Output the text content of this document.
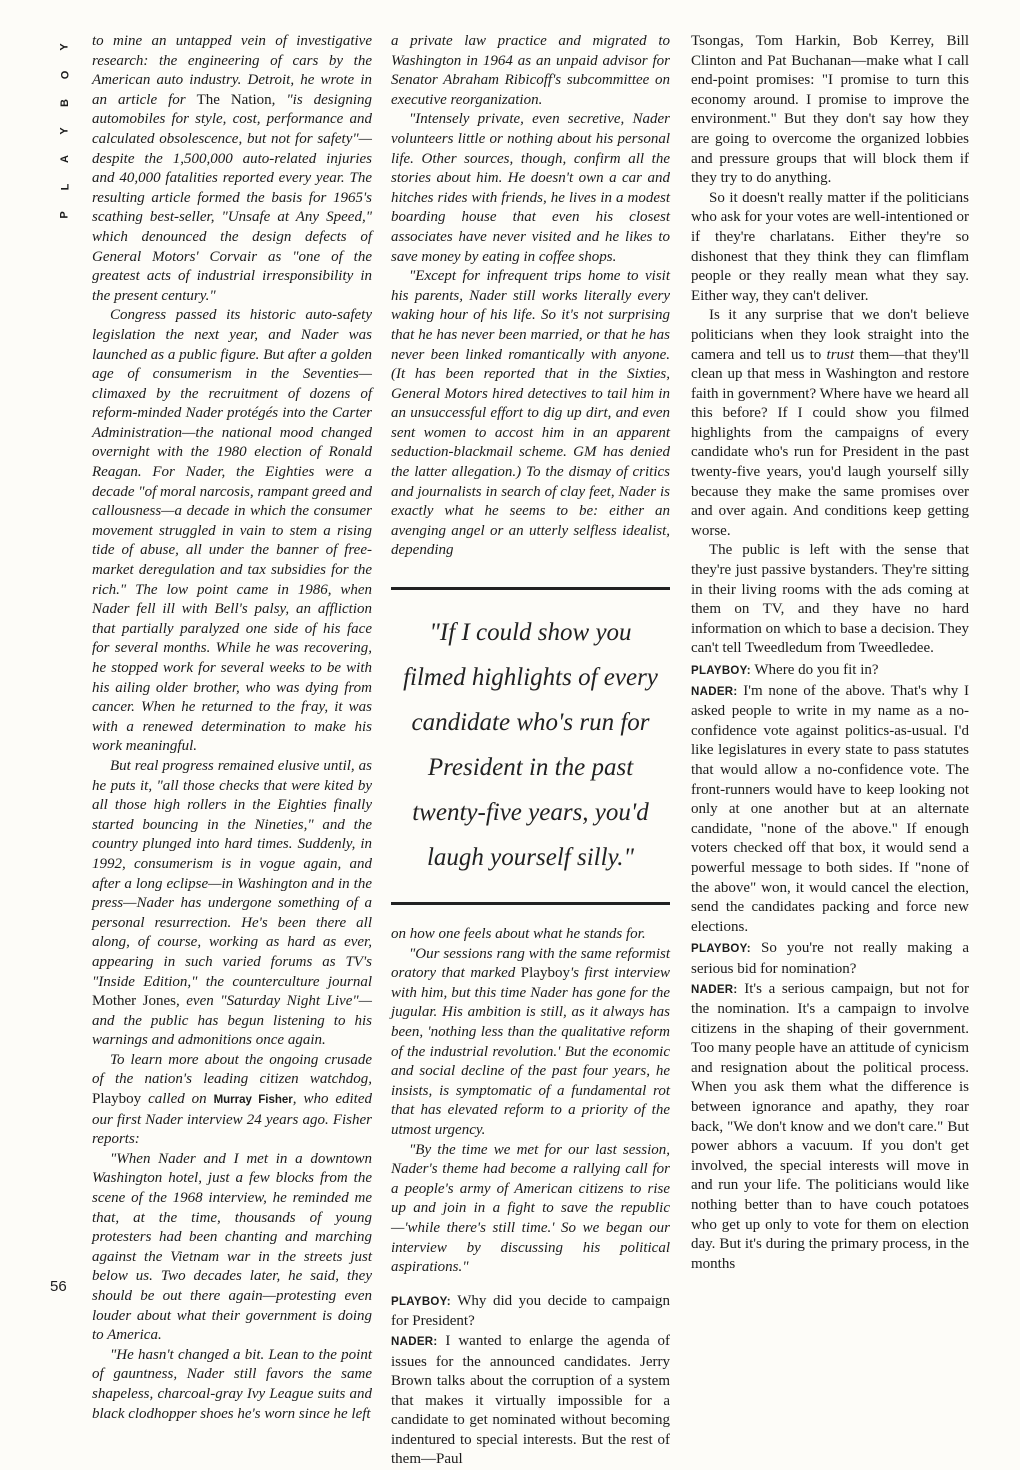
Y
O
B
Y
A
L
P
56

to mine an untapped vein of investigative research: the engineering of cars by the American auto industry. Detroit, he wrote in an article for The Nation, "is designing automobiles for style, cost, performance and calculated obsolescence, but not for safety"—despite the 1,500,000 auto-related injuries and 40,000 fatalities reported every year. The resulting article formed the basis for 1965's scathing best-seller, "Unsafe at Any Speed," which denounced the design defects of General Motors' Corvair as "one of the greatest acts of industrial irresponsibility in the present century."

Congress passed its historic auto-safety legislation the next year, and Nader was launched as a public figure. But after a golden age of consumerism in the Seventies—climaxed by the recruitment of dozens of reform-minded Nader protégés into the Carter Administration—the national mood changed overnight with the 1980 election of Ronald Reagan. For Nader, the Eighties were a decade "of moral narcosis, rampant greed and callousness—a decade in which the consumer movement struggled in vain to stem a rising tide of abuse, all under the banner of free-market deregulation and tax subsidies for the rich." The low point came in 1986, when Nader fell ill with Bell's palsy, an affliction that partially paralyzed one side of his face for several months. While he was recovering, he stopped work for several weeks to be with his ailing older brother, who was dying from cancer. When he returned to the fray, it was with a renewed determination to make his work meaningful.

But real progress remained elusive until, as he puts it, "all those checks that were kited by all those high rollers in the Eighties finally started bouncing in the Nineties," and the country plunged into hard times. Suddenly, in 1992, consumerism is in vogue again, and after a long eclipse—in Washington and in the press—Nader has undergone something of a personal resurrection. He's been there all along, of course, working as hard as ever, appearing in such varied forums as TV's "Inside Edition," the counterculture journal Mother Jones, even "Saturday Night Live"—and the public has begun listening to his warnings and admonitions once again.

To learn more about the ongoing crusade of the nation's leading citizen watchdog, Playboy called on Murray Fisher, who edited our first Nader interview 24 years ago. Fisher reports:

"When Nader and I met in a downtown Washington hotel, just a few blocks from the scene of the 1968 interview, he reminded me that, at the time, thousands of young protesters had been chanting and marching against the Vietnam war in the streets just below us. Two decades later, he said, they should be out there again—protesting even louder about what their government is doing to America.

"He hasn't changed a bit. Lean to the point of gauntness, Nader still favors the same shapeless, charcoal-gray Ivy League suits and black clodhopper shoes he's worn since he left

a private law practice and migrated to Washington in 1964 as an unpaid advisor for Senator Abraham Ribicoff's subcommittee on executive reorganization.

"Intensely private, even secretive, Nader volunteers little or nothing about his personal life. Other sources, though, confirm all the stories about him. He doesn't own a car and hitches rides with friends, he lives in a modest boarding house that even his closest associates have never visited and he likes to save money by eating in coffee shops.

"Except for infrequent trips home to visit his parents, Nader still works literally every waking hour of his life. So it's not surprising that he has never been married, or that he has never been linked romantically with anyone. (It has been reported that in the Sixties, General Motors hired detectives to tail him in an unsuccessful effort to dig up dirt, and even sent women to accost him in an apparent seduction-blackmail scheme. GM has denied the latter allegation.) To the dismay of critics and journalists in search of clay feet, Nader is exactly what he seems to be: either an avenging angel or an utterly selfless idealist, depending

"If I could show you filmed highlights of every candidate who's run for President in the past twenty-five years, you'd laugh yourself silly."

on how one feels about what he stands for.

"Our sessions rang with the same reformist oratory that marked Playboy's first interview with him, but this time Nader has gone for the jugular. His ambition is still, as it always has been, 'nothing less than the qualitative reform of the industrial revolution.' But the economic and social decline of the past four years, he insists, is symptomatic of a fundamental rot that has elevated reform to a priority of the utmost urgency.

"By the time we met for our last session, Nader's theme had become a rallying call for a people's army of American citizens to rise up and join in a fight to save the republic—'while there's still time.' So we began our interview by discussing his political aspirations."

PLAYBOY: Why did you decide to campaign for President?

NADER: I wanted to enlarge the agenda of issues for the announced candidates. Jerry Brown talks about the corruption of a system that makes it virtually impossible for a candidate to get nominated without becoming indentured to special interests. But the rest of them—Paul

Tsongas, Tom Harkin, Bob Kerrey, Bill Clinton and Pat Buchanan—make what I call end-point promises: "I promise to turn this economy around. I promise to improve the environment." But they don't say how they are going to overcome the organized lobbies and pressure groups that will block them if they try to do anything.

So it doesn't really matter if the politicians who ask for your votes are well-intentioned or if they're charlatans. Either they're so dishonest that they think they can flimflam people or they really mean what they say. Either way, they can't deliver.

Is it any surprise that we don't believe politicians when they look straight into the camera and tell us to trust them—that they'll clean up that mess in Washington and restore faith in government? Where have we heard all this before? If I could show you filmed highlights from the campaigns of every candidate who's run for President in the past twenty-five years, you'd laugh yourself silly because they make the same promises over and over again. And conditions keep getting worse.

The public is left with the sense that they're just passive bystanders. They're sitting in their living rooms with the ads coming at them on TV, and they have no hard information on which to base a decision. They can't tell Tweedledum from Tweedledee.

PLAYBOY: Where do you fit in?

NADER: I'm none of the above. That's why I asked people to write in my name as a no-confidence vote against politics-as-usual. I'd like legislatures in every state to pass statutes that would allow a no-confidence vote. The front-runners would have to keep looking not only at one another but at an alternate candidate, "none of the above." If enough voters checked off that box, it would send a powerful message to both sides. If "none of the above" won, it would cancel the election, send the candidates packing and force new elections.

PLAYBOY: So you're not really making a serious bid for nomination?

NADER: It's a serious campaign, but not for the nomination. It's a campaign to involve citizens in the shaping of their government. Too many people have an attitude of cynicism and resignation about the political process. When you ask them what the difference is between ignorance and apathy, they roar back, "We don't know and we don't care." But power abhors a vacuum. If you don't get involved, the special interests will move in and run your life. The politicians would like nothing better than to have couch potatoes who get up only to vote for them on election day. But it's during the primary process, in the months
